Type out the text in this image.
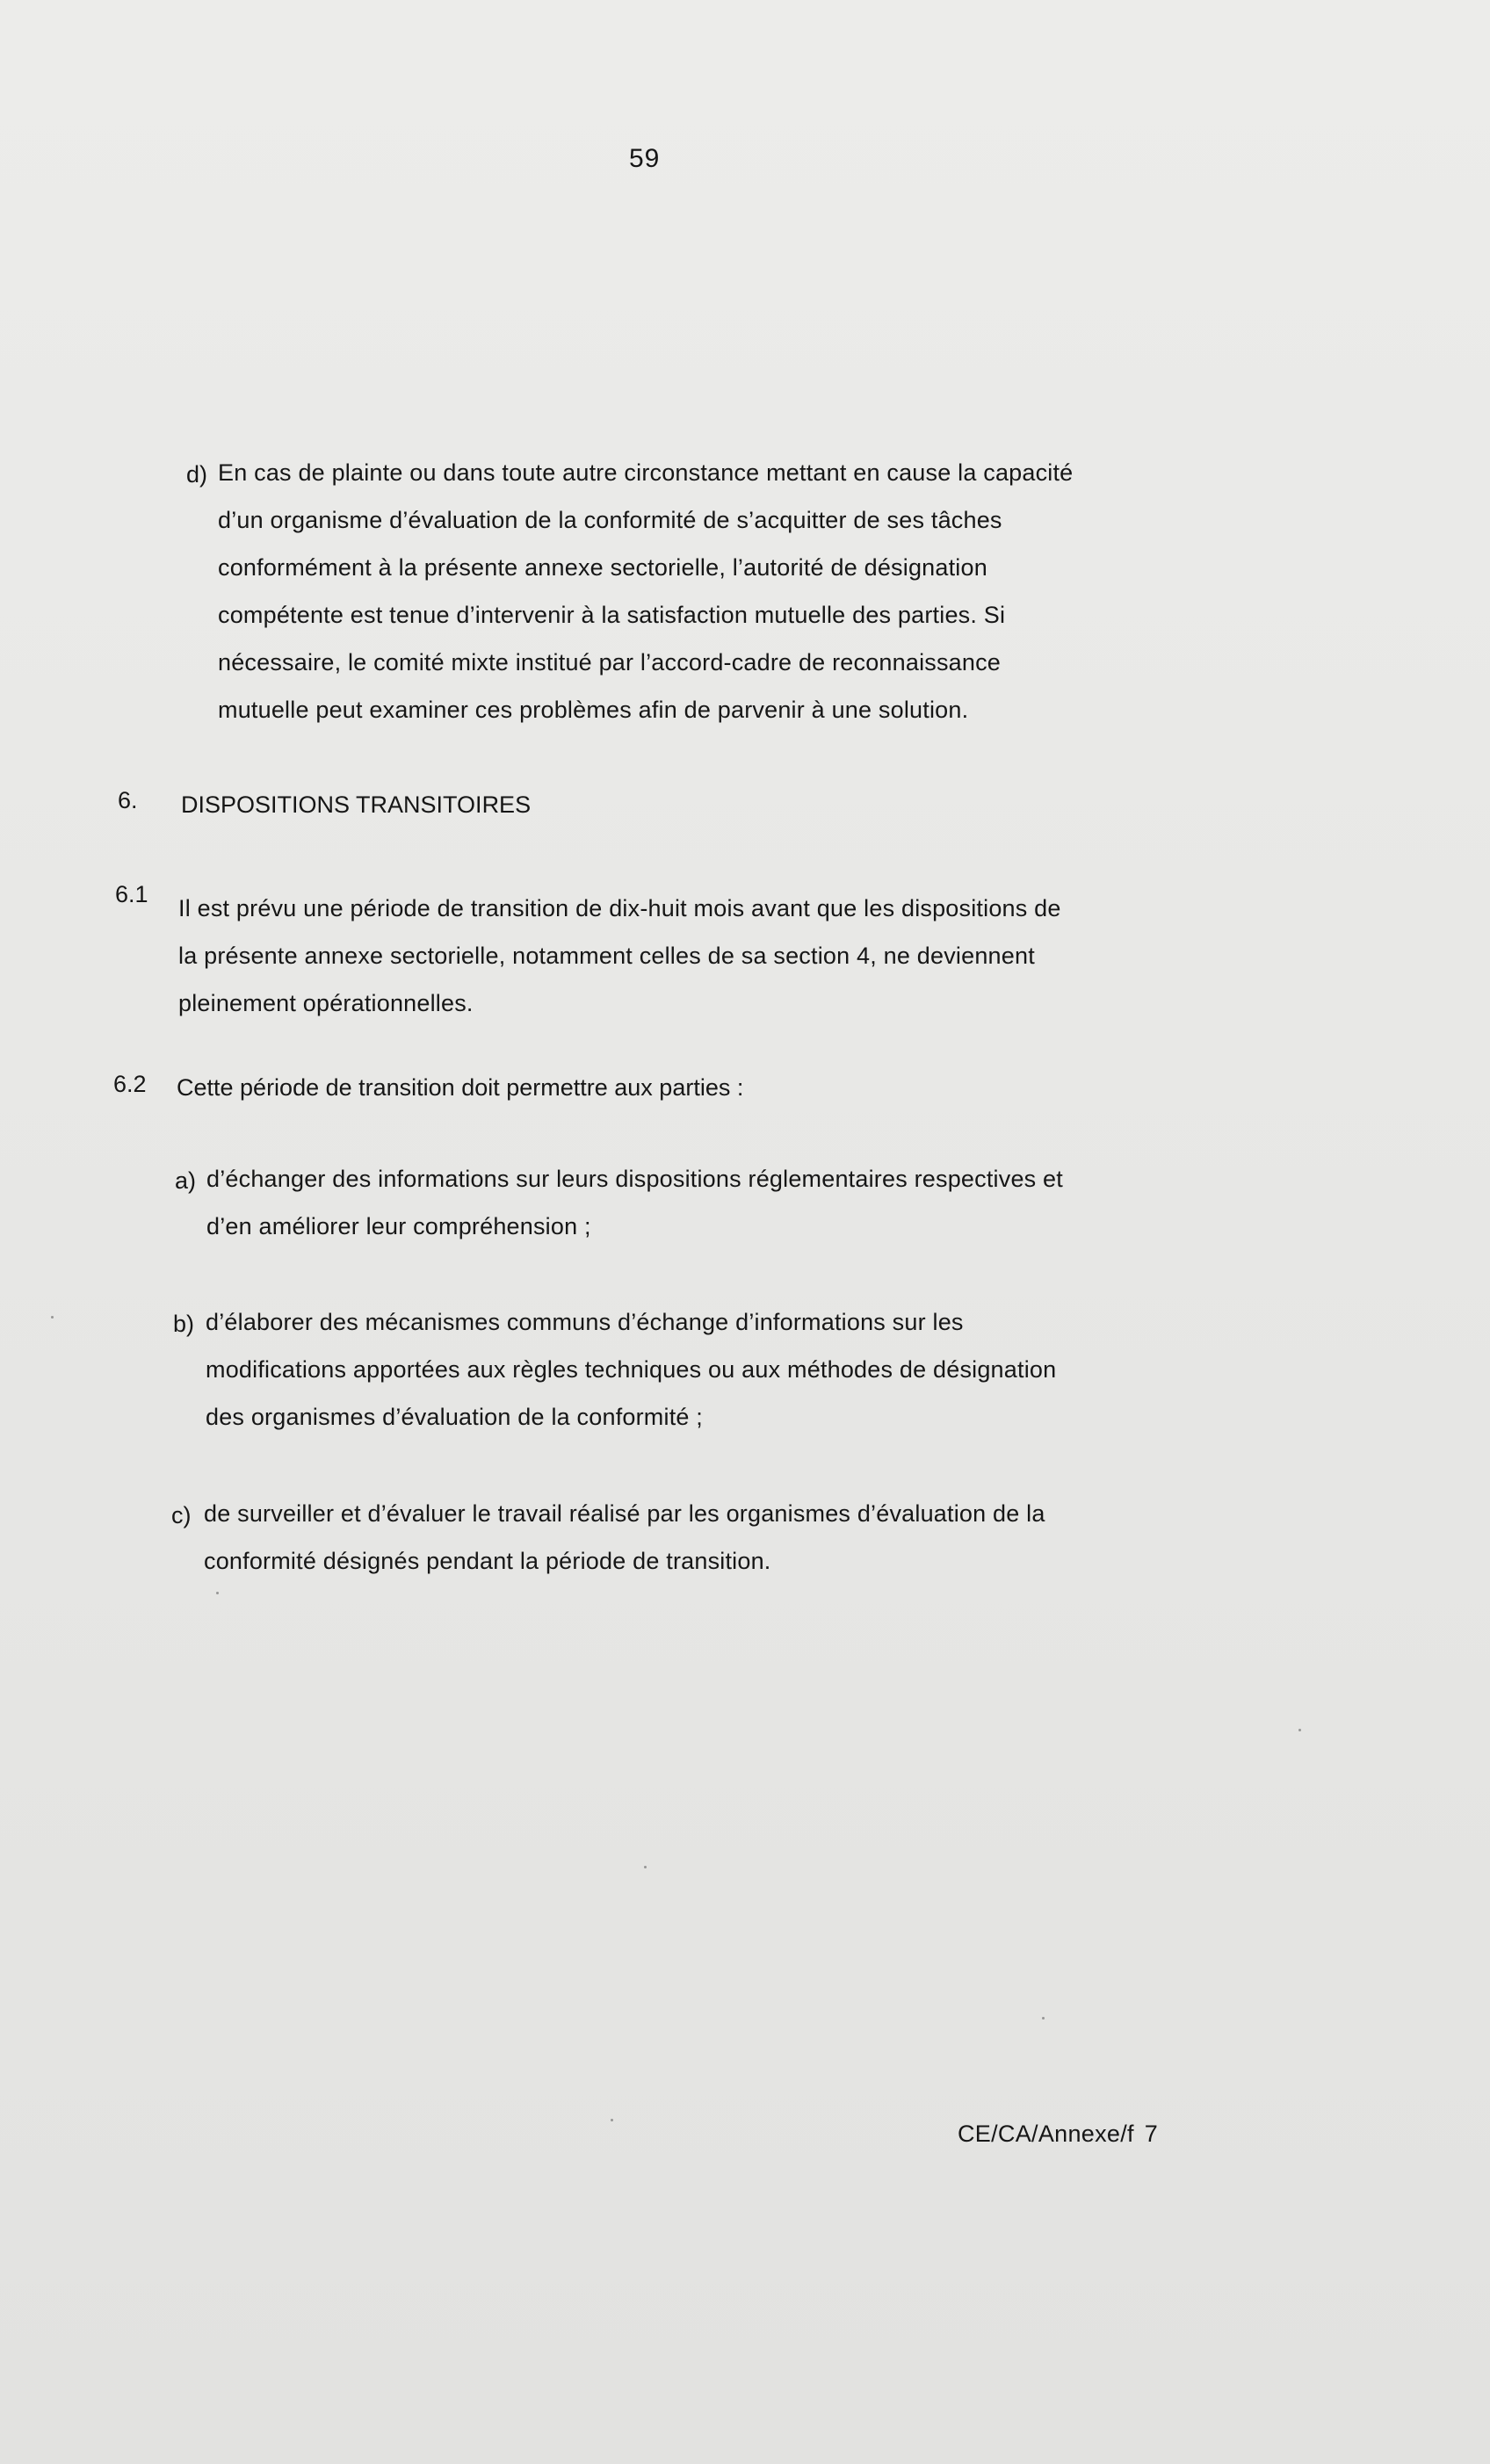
59
d) En cas de plainte ou dans toute autre circonstance mettant en cause la capacité
d’un organisme d’évaluation de la conformité de s’acquitter de ses tâches
conformément à la présente annexe sectorielle, l’autorité de désignation
compétente est tenue d’intervenir à la satisfaction mutuelle des parties. Si
nécessaire, le comité mixte institué par l’accord-cadre de reconnaissance
mutuelle peut examiner ces problèmes afin de parvenir à une solution.
6. DISPOSITIONS TRANSITOIRES
6.1
Il est prévu une période de transition de dix-huit mois avant que les dispositions de
la présente annexe sectorielle, notamment celles de sa section 4, ne deviennent
pleinement opérationnelles.
6.2 Cette période de transition doit permettre aux parties :
a) d’échanger des informations sur leurs dispositions réglementaires respectives et
d’en améliorer leur compréhension ;
b) d’élaborer des mécanismes communs d’échange d’informations sur les
modifications apportées aux règles techniques ou aux méthodes de désignation
des organismes d’évaluation de la conformité ;
c) de surveiller et d’évaluer le travail réalisé par les organismes d’évaluation de la
conformité désignés pendant la période de transition.
CE/CA/Annexe/f 7
